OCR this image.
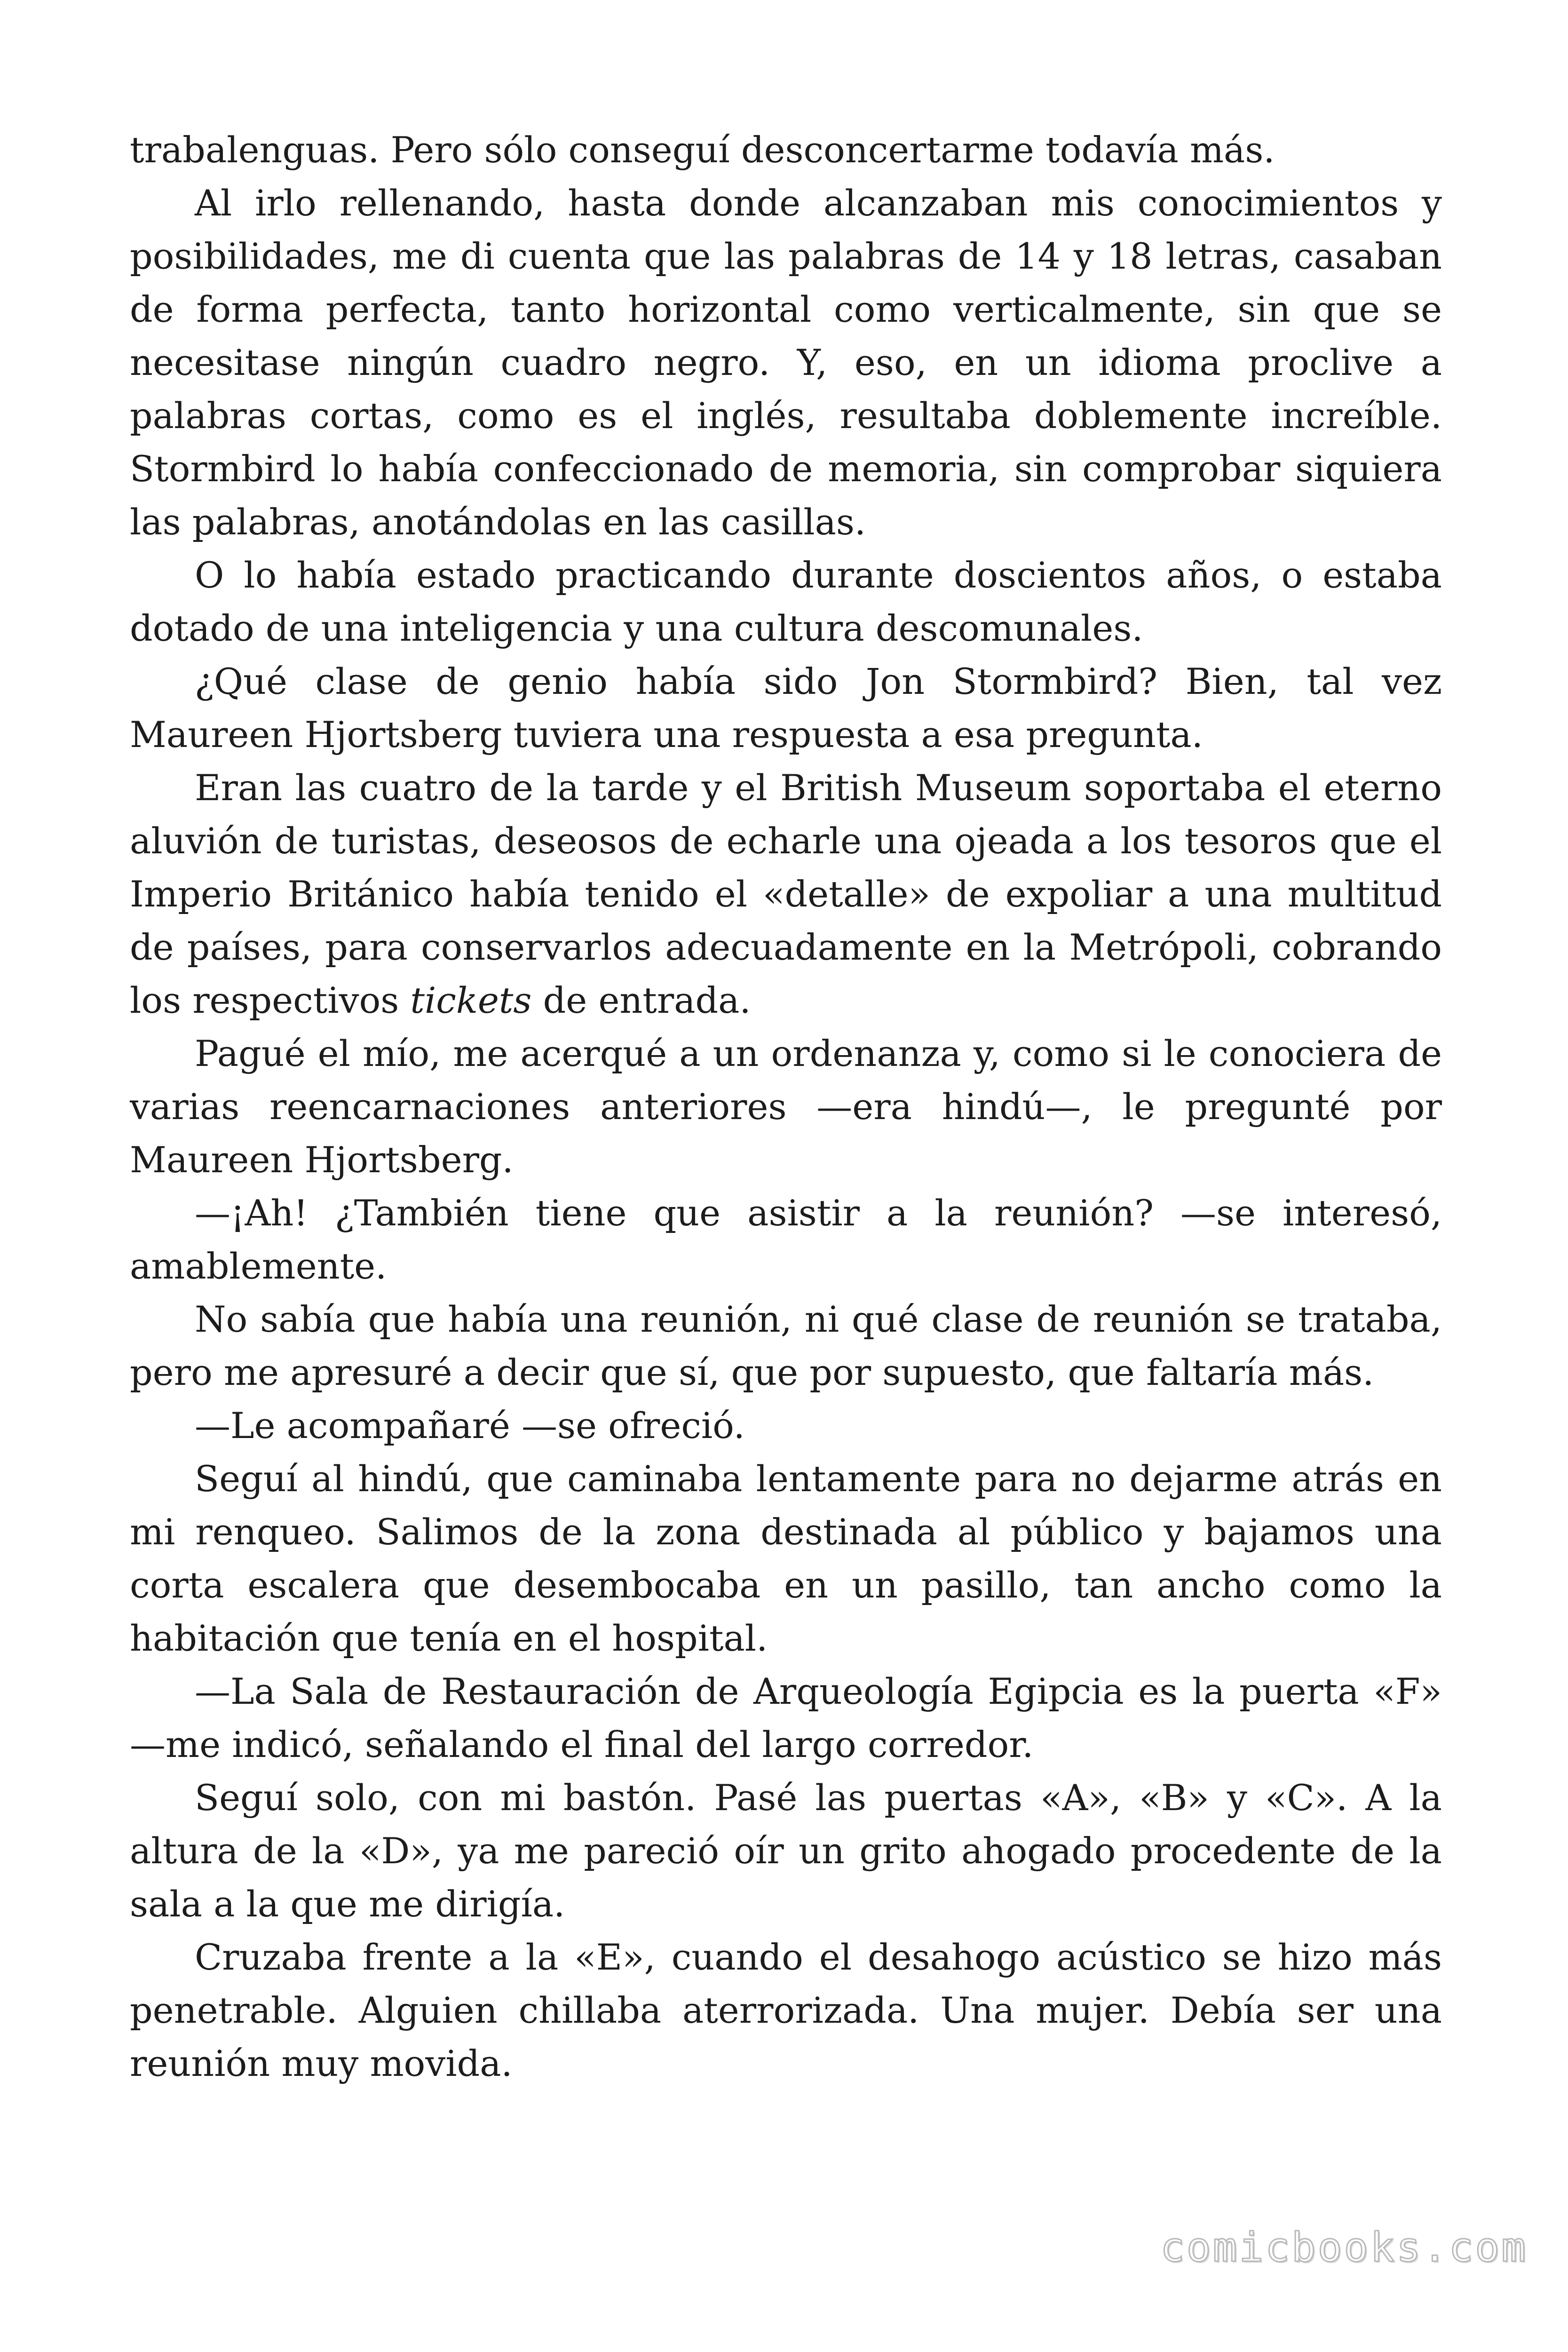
trabalenguas. Pero sólo conseguí desconcertarme todavía más.

Al irlo rellenando, hasta donde alcanzaban mis conocimientos y posibilidades, me di cuenta que las palabras de 14 y 18 letras, casaban de forma perfecta, tanto horizontal como verticalmente, sin que se necesitase ningún cuadro negro. Y, eso, en un idioma proclive a palabras cortas, como es el inglés, resultaba doblemente increíble. Stormbird lo había confeccionado de memoria, sin comprobar siquiera las palabras, anotándolas en las casillas.

O lo había estado practicando durante doscientos años, o estaba dotado de una inteligencia y una cultura descomunales.

¿Qué clase de genio había sido Jon Stormbird? Bien, tal vez Maureen Hjortsberg tuviera una respuesta a esa pregunta.

Eran las cuatro de la tarde y el British Museum soportaba el eterno aluvión de turistas, deseosos de echarle una ojeada a los tesoros que el Imperio Británico había tenido el «detalle» de expoliar a una multitud de países, para conservarlos adecuadamente en la Metrópoli, cobrando los respectivos tickets de entrada.

Pagué el mío, me acerqué a un ordenanza y, como si le conociera de varias reencarnaciones anteriores —era hindú—, le pregunté por Maureen Hjortsberg.

—¡Ah! ¿También tiene que asistir a la reunión? —se interesó, amablemente.

No sabía que había una reunión, ni qué clase de reunión se trataba, pero me apresuré a decir que sí, que por supuesto, que faltaría más.

—Le acompañaré —se ofreció.

Seguí al hindú, que caminaba lentamente para no dejarme atrás en mi renqueo. Salimos de la zona destinada al público y bajamos una corta escalera que desembocaba en un pasillo, tan ancho como la habitación que tenía en el hospital.

—La Sala de Restauración de Arqueología Egipcia es la puerta «F» —me indicó, señalando el final del largo corredor.

Seguí solo, con mi bastón. Pasé las puertas «A», «B» y «C». A la altura de la «D», ya me pareció oír un grito ahogado procedente de la sala a la que me dirigía.

Cruzaba frente a la «E», cuando el desahogo acústico se hizo más penetrable. Alguien chillaba aterrorizada. Una mujer. Debía ser una reunión muy movida.

comicbooks.com
